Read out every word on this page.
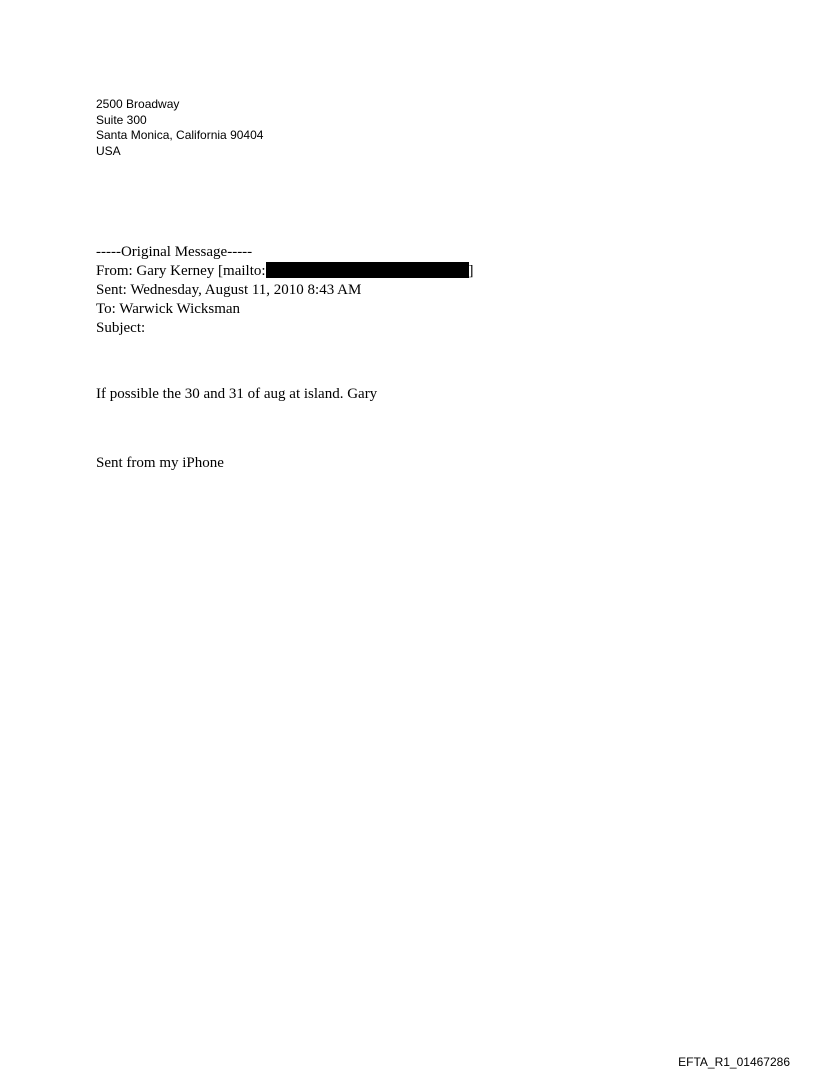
2500 Broadway
Suite 300
Santa Monica, California 90404
USA
-----Original Message-----
From: Gary Kerney [mailto:	]
Sent: Wednesday, August 11, 2010 8:43 AM
To: Warwick Wicksman
Subject:
If possible the 30 and 31 of aug at island. Gary
Sent from my iPhone
EFTA_R1_01467286
